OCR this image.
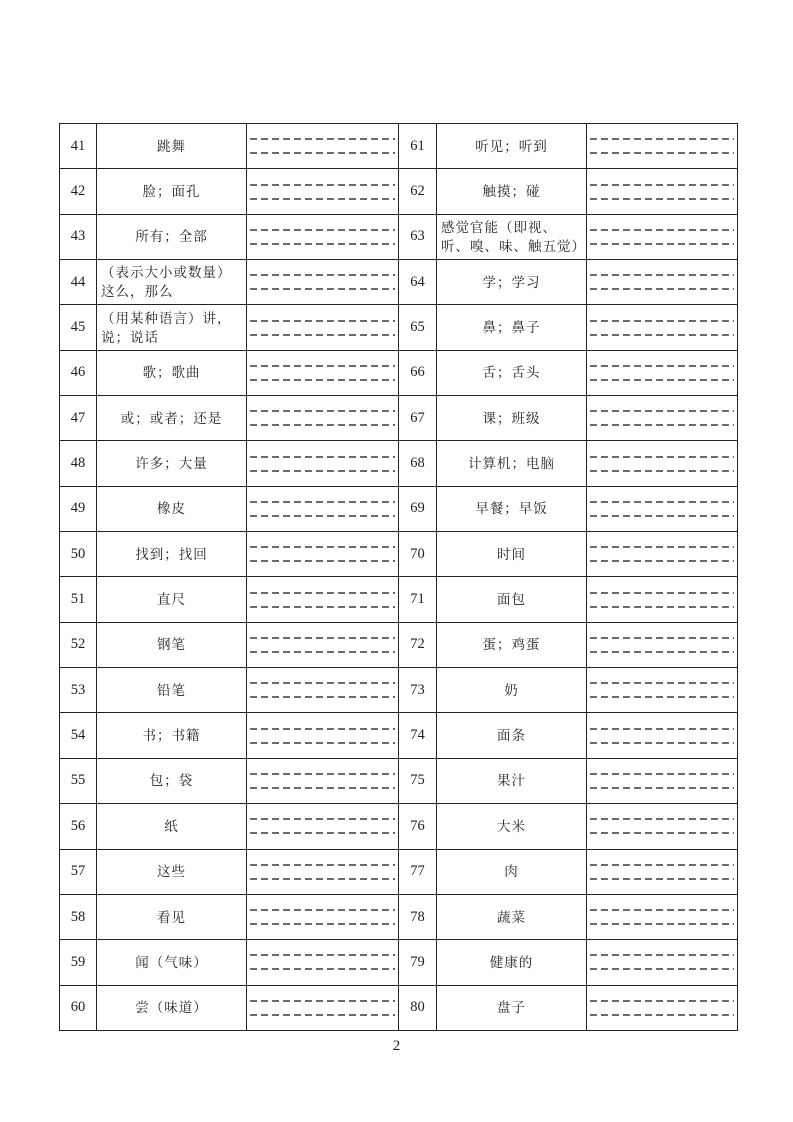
41	跳舞		61	听见；听到	

42	脸；面孔		62	触摸；碰	

43	所有；全部		63	感觉官能（即视、听、嗅、味、触五觉）	

44	（表示大小或数量）这么，那么		64	学；学习	

45	（用某种语言）讲，说；说话		65	鼻；鼻子	

46	歌；歌曲		66	舌；舌头	

47	或；或者；还是		67	课；班级	

48	许多；大量		68	计算机；电脑	

49	橡皮		69	早餐；早饭	

50	找到；找回		70	时间	

51	直尺		71	面包	

52	钢笔		72	蛋；鸡蛋	

53	铅笔		73	奶	

54	书；书籍		74	面条	

55	包；袋		75	果汁	

56	纸		76	大米	

57	这些		77	肉	

58	看见		78	蔬菜	

59	闻（气味）		79	健康的	

60	尝（味道）		80	盘子	
2
